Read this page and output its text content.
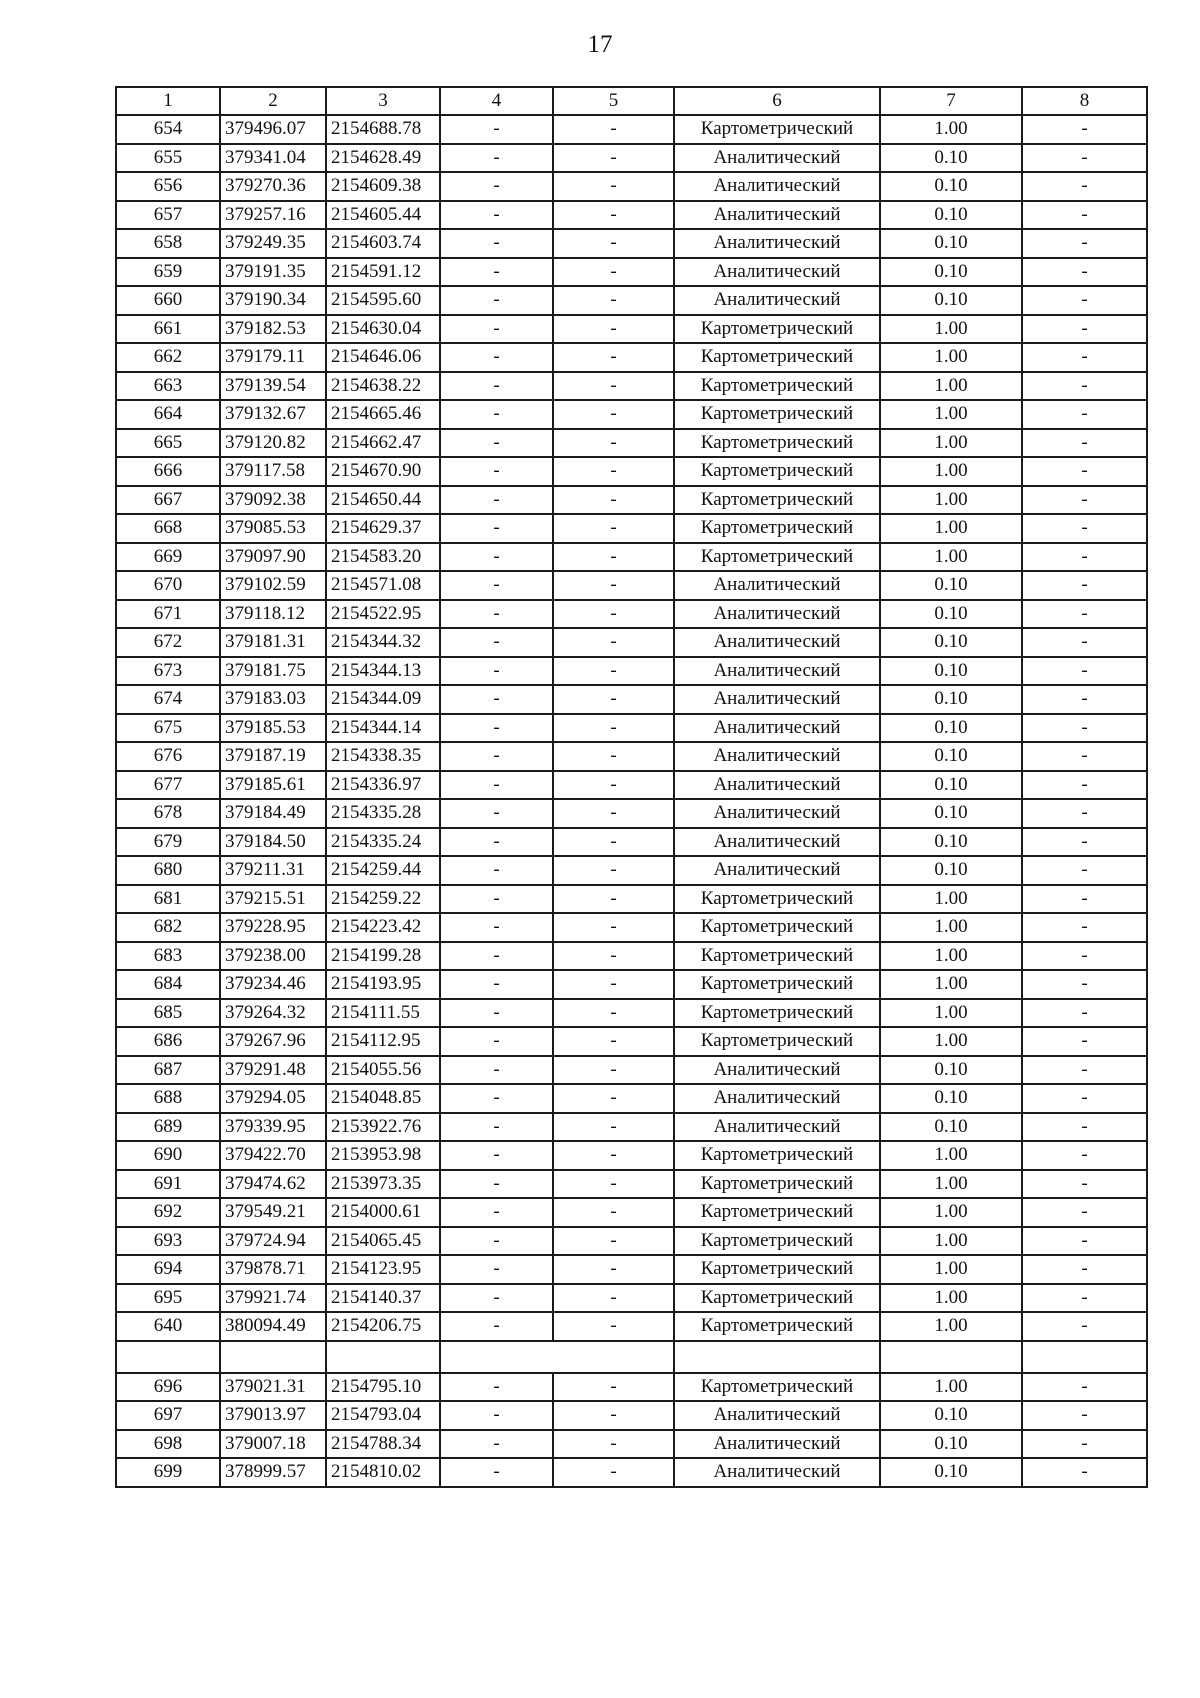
17
1	2	3	4	5	6	7	8
654	379496.07	2154688.78	-	-	Картометрический	1.00	-
655	379341.04	2154628.49	-	-	Аналитический	0.10	-
656	379270.36	2154609.38	-	-	Аналитический	0.10	-
657	379257.16	2154605.44	-	-	Аналитический	0.10	-
658	379249.35	2154603.74	-	-	Аналитический	0.10	-
659	379191.35	2154591.12	-	-	Аналитический	0.10	-
660	379190.34	2154595.60	-	-	Аналитический	0.10	-
661	379182.53	2154630.04	-	-	Картометрический	1.00	-
662	379179.11	2154646.06	-	-	Картометрический	1.00	-
663	379139.54	2154638.22	-	-	Картометрический	1.00	-
664	379132.67	2154665.46	-	-	Картометрический	1.00	-
665	379120.82	2154662.47	-	-	Картометрический	1.00	-
666	379117.58	2154670.90	-	-	Картометрический	1.00	-
667	379092.38	2154650.44	-	-	Картометрический	1.00	-
668	379085.53	2154629.37	-	-	Картометрический	1.00	-
669	379097.90	2154583.20	-	-	Картометрический	1.00	-
670	379102.59	2154571.08	-	-	Аналитический	0.10	-
671	379118.12	2154522.95	-	-	Аналитический	0.10	-
672	379181.31	2154344.32	-	-	Аналитический	0.10	-
673	379181.75	2154344.13	-	-	Аналитический	0.10	-
674	379183.03	2154344.09	-	-	Аналитический	0.10	-
675	379185.53	2154344.14	-	-	Аналитический	0.10	-
676	379187.19	2154338.35	-	-	Аналитический	0.10	-
677	379185.61	2154336.97	-	-	Аналитический	0.10	-
678	379184.49	2154335.28	-	-	Аналитический	0.10	-
679	379184.50	2154335.24	-	-	Аналитический	0.10	-
680	379211.31	2154259.44	-	-	Аналитический	0.10	-
681	379215.51	2154259.22	-	-	Картометрический	1.00	-
682	379228.95	2154223.42	-	-	Картометрический	1.00	-
683	379238.00	2154199.28	-	-	Картометрический	1.00	-
684	379234.46	2154193.95	-	-	Картометрический	1.00	-
685	379264.32	2154111.55	-	-	Картометрический	1.00	-
686	379267.96	2154112.95	-	-	Картометрический	1.00	-
687	379291.48	2154055.56	-	-	Аналитический	0.10	-
688	379294.05	2154048.85	-	-	Аналитический	0.10	-
689	379339.95	2153922.76	-	-	Аналитический	0.10	-
690	379422.70	2153953.98	-	-	Картометрический	1.00	-
691	379474.62	2153973.35	-	-	Картометрический	1.00	-
692	379549.21	2154000.61	-	-	Картометрический	1.00	-
693	379724.94	2154065.45	-	-	Картометрический	1.00	-
694	379878.71	2154123.95	-	-	Картометрический	1.00	-
695	379921.74	2154140.37	-	-	Картометрический	1.00	-
640	380094.49	2154206.75	-	-	Картометрический	1.00	-

696	379021.31	2154795.10	-	-	Картометрический	1.00	-
697	379013.97	2154793.04	-	-	Аналитический	0.10	-
698	379007.18	2154788.34	-	-	Аналитический	0.10	-
699	378999.57	2154810.02	-	-	Аналитический	0.10	-
